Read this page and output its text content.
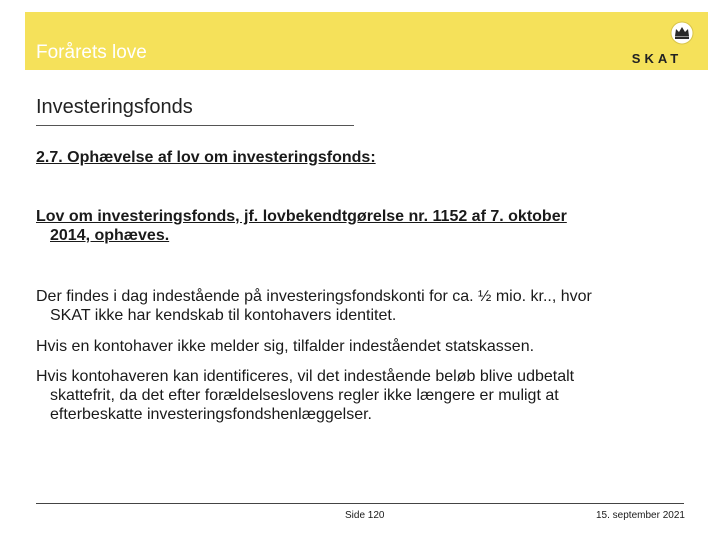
Forårets love	SKAT
Investeringsfonds
2.7. Ophævelse af lov om investeringsfonds:
Lov om investeringsfonds, jf. lovbekendtgørelse nr. 1152 af 7. oktober
2014, ophæves.
Der findes i dag indestående på investeringsfondskonti for ca. ½ mio. kr.., hvor
SKAT ikke har kendskab til kontohavers identitet.
Hvis en kontohaver ikke melder sig, tilfalder indeståendet statskassen.
Hvis kontohaveren kan identificeres, vil det indestående beløb blive udbetalt
skattefrit, da det efter forældelseslovens regler ikke længere er muligt at
efterbeskatte investeringsfondshenlæggelser.
Side 120	15. september 2021
